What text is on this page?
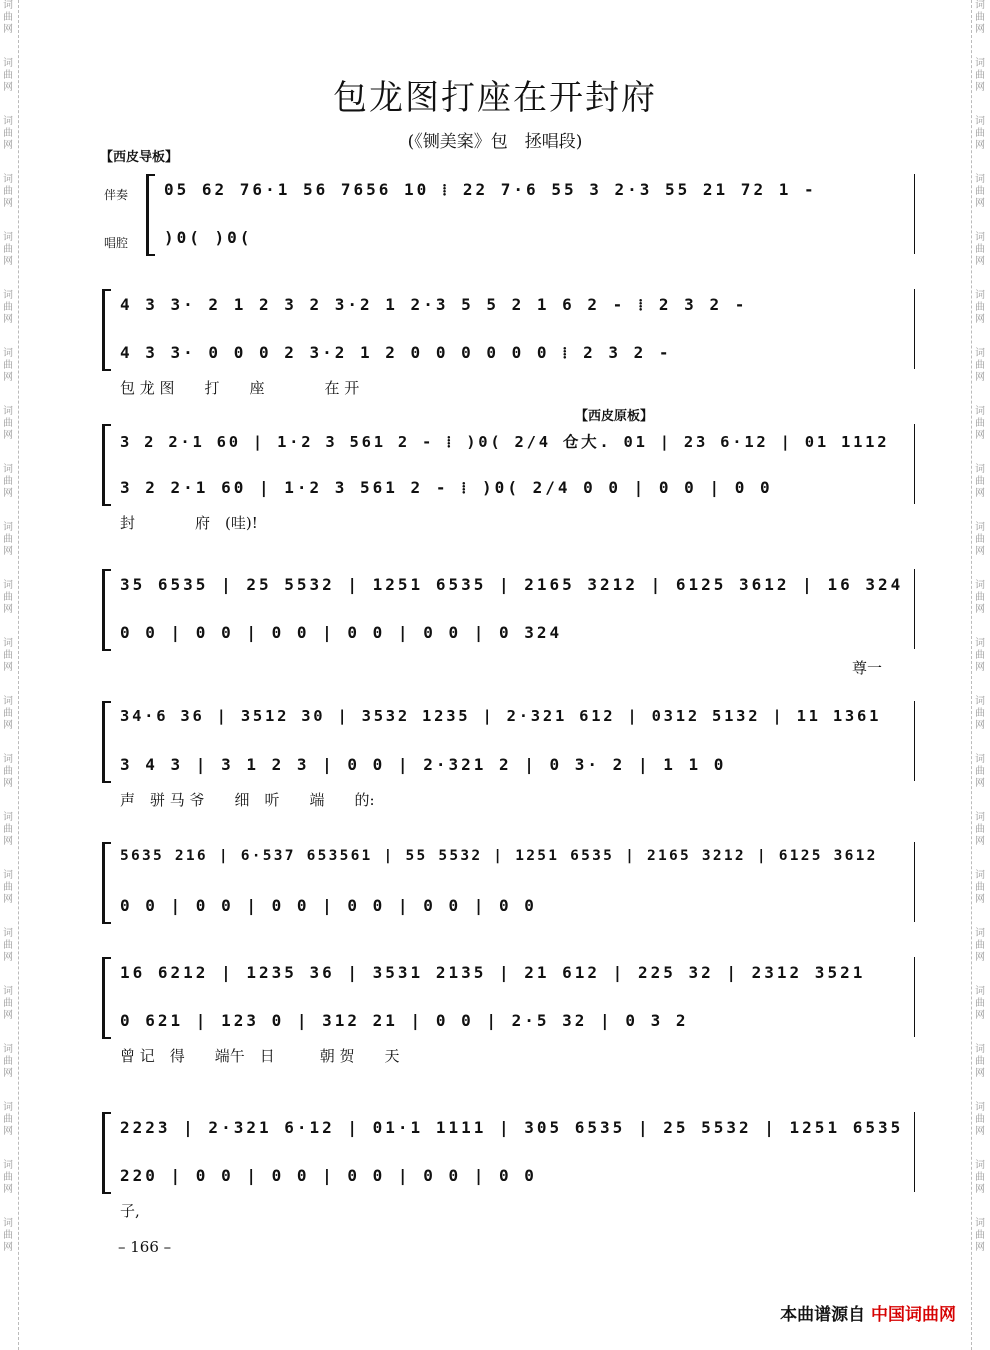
词曲网
词曲网
词曲网
词曲网
词曲网
词曲网
词曲网
词曲网
词曲网
词曲网
词曲网
词曲网
词曲网
词曲网
词曲网
词曲网
词曲网
词曲网
词曲网
词曲网
词曲网
词曲网
词曲网
词曲网
词曲网
词曲网
词曲网
词曲网
词曲网
词曲网
词曲网
词曲网
词曲网
词曲网
词曲网
词曲网
词曲网
词曲网
词曲网
词曲网
词曲网
词曲网
词曲网
词曲网
包龙图打座在开封府
(《铡美案》包　拯唱段)
【西皮导板】
【西皮原板】
伴奏
唱腔
05 62 76·1 56 7656 10 ⁞ 22 7·6 55 3 2·3 55 21 72 1 -
)0( )0(
4 3 3· 2 1 2 3 2 3·2 1 2·3 5 5 2 1 6 2 - ⁞ 2 3 2 -
4 3 3· 0 0 0 2 3·2 1 2 0 0 0 0 0 0 ⁞ 2 3 2 -
包 龙 图　　打　　座　　　　在 开
3 2 2·1 60 | 1·2 3 561 2 - ⁞ )0( 2/4 仓大. 01 | 23 6·12 | 01 1112
3 2 2·1 60 | 1·2 3 561 2 - ⁞ )0( 2/4 0 0 | 0 0 | 0 0
封　　　　府　(哇)!
35 6535 | 25 5532 | 1251 6535 | 2165 3212 | 6125 3612 | 16 324
0 0 | 0 0 | 0 0 | 0 0 | 0 0 | 0 324
尊一
34·6 36 | 3512 30 | 3532 1235 | 2·321 612 | 0312 5132 | 11 1361
3 4 3 | 3 1 2 3 | 0 0 | 2·321 2 | 0 3· 2 | 1 1 0
声　骈 马 爷　　细　听　　端　　的:
5635 216 | 6·537 653561 | 55 5532 | 1251 6535 | 2165 3212 | 6125 3612
0 0 | 0 0 | 0 0 | 0 0 | 0 0 | 0 0
16 6212 | 1235 36 | 3531 2135 | 21 612 | 225 32 | 2312 3521
0 621 | 123 0 | 312 21 | 0 0 | 2·5 32 | 0 3 2
曾 记　得　　端午　日　　　朝 贺　　天
2223 | 2·321 6·12 | 01·1 1111 | 305 6535 | 25 5532 | 1251 6535
220 | 0 0 | 0 0 | 0 0 | 0 0 | 0 0
子,
– 166 –
本曲谱源自 中国词曲网
